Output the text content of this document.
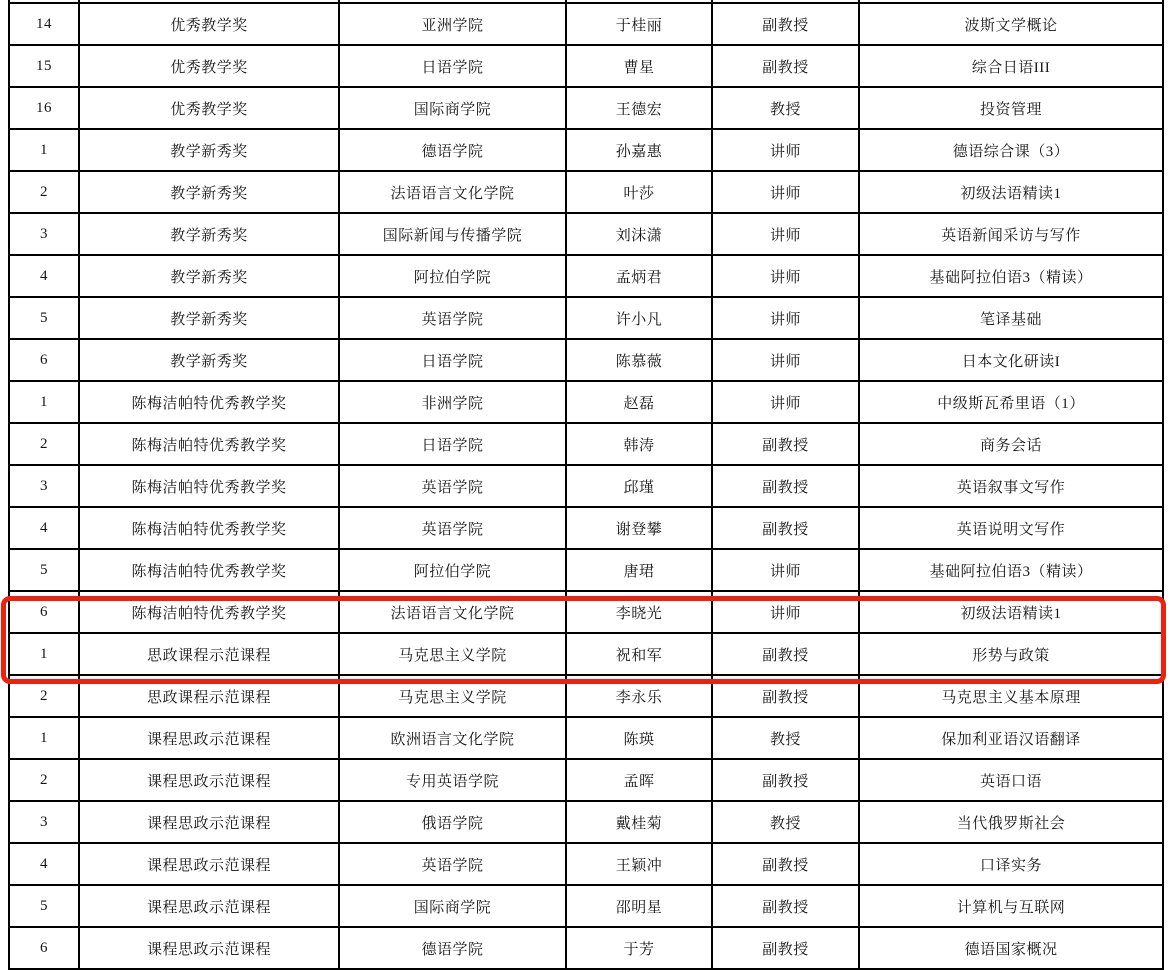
14	优秀教学奖	亚洲学院	于桂丽	副教授	波斯文学概论
15	优秀教学奖	日语学院	曹星	副教授	综合日语III
16	优秀教学奖	国际商学院	王德宏	教授	投资管理
1	教学新秀奖	德语学院	孙嘉惠	讲师	德语综合课（3）
2	教学新秀奖	法语语言文化学院	叶莎	讲师	初级法语精读1
3	教学新秀奖	国际新闻与传播学院	刘沫潇	讲师	英语新闻采访与写作
4	教学新秀奖	阿拉伯学院	孟炳君	讲师	基础阿拉伯语3（精读）
5	教学新秀奖	英语学院	许小凡	讲师	笔译基础
6	教学新秀奖	日语学院	陈慕薇	讲师	日本文化研读I
1	陈梅洁帕特优秀教学奖	非洲学院	赵磊	讲师	中级斯瓦希里语（1）
2	陈梅洁帕特优秀教学奖	日语学院	韩涛	副教授	商务会话
3	陈梅洁帕特优秀教学奖	英语学院	邱瑾	副教授	英语叙事文写作
4	陈梅洁帕特优秀教学奖	英语学院	谢登攀	副教授	英语说明文写作
5	陈梅洁帕特优秀教学奖	阿拉伯学院	唐珺	讲师	基础阿拉伯语3（精读）
6	陈梅洁帕特优秀教学奖	法语语言文化学院	李晓光	讲师	初级法语精读1
1	思政课程示范课程	马克思主义学院	祝和军	副教授	形势与政策
2	思政课程示范课程	马克思主义学院	李永乐	副教授	马克思主义基本原理
1	课程思政示范课程	欧洲语言文化学院	陈瑛	教授	保加利亚语汉语翻译
2	课程思政示范课程	专用英语学院	孟晖	副教授	英语口语
3	课程思政示范课程	俄语学院	戴桂菊	教授	当代俄罗斯社会
4	课程思政示范课程	英语学院	王颖冲	副教授	口译实务
5	课程思政示范课程	国际商学院	邵明星	副教授	计算机与互联网
6	课程思政示范课程	德语学院	于芳	副教授	德语国家概况
